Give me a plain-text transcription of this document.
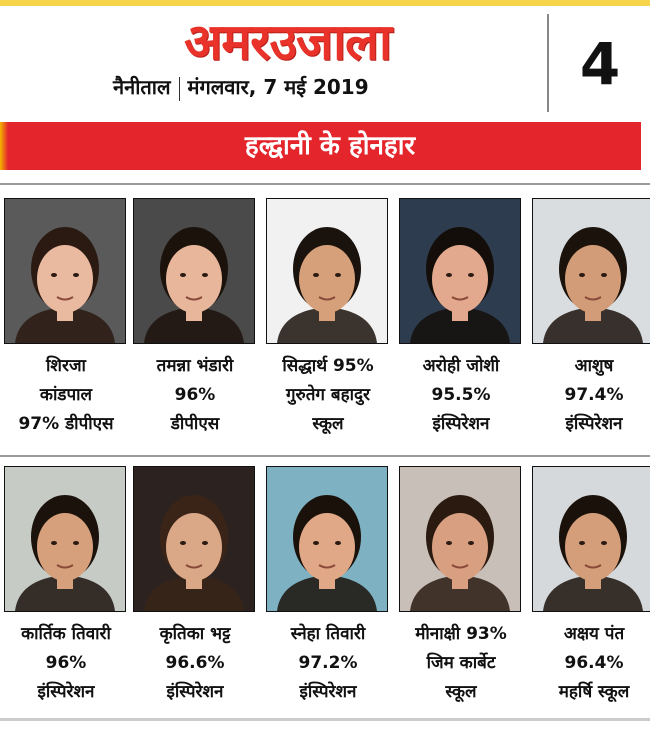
अमरउजाला
नैनीताल मंगलवार, 7 मई 2019	4
हल्द्वानी के होनहार
शिरजा
कांडपाल
97% डीपीएस
तमन्ना भंडारी
96%
डीपीएस
सिद्धार्थ 95%
गुरुतेग बहादुर
स्कूल
अरोही जोशी
95.5%
इंस्पिरेशन
आशुष
97.4%
इंस्पिरेशन
कार्तिक तिवारी
96%
इंस्पिरेशन
कृतिका भट्ट
96.6%
इंस्पिरेशन
स्नेहा तिवारी
97.2%
इंस्पिरेशन
मीनाक्षी 93%
जिम कार्बेट
स्कूल
अक्षय पंत
96.4%
महर्षि स्कूल
